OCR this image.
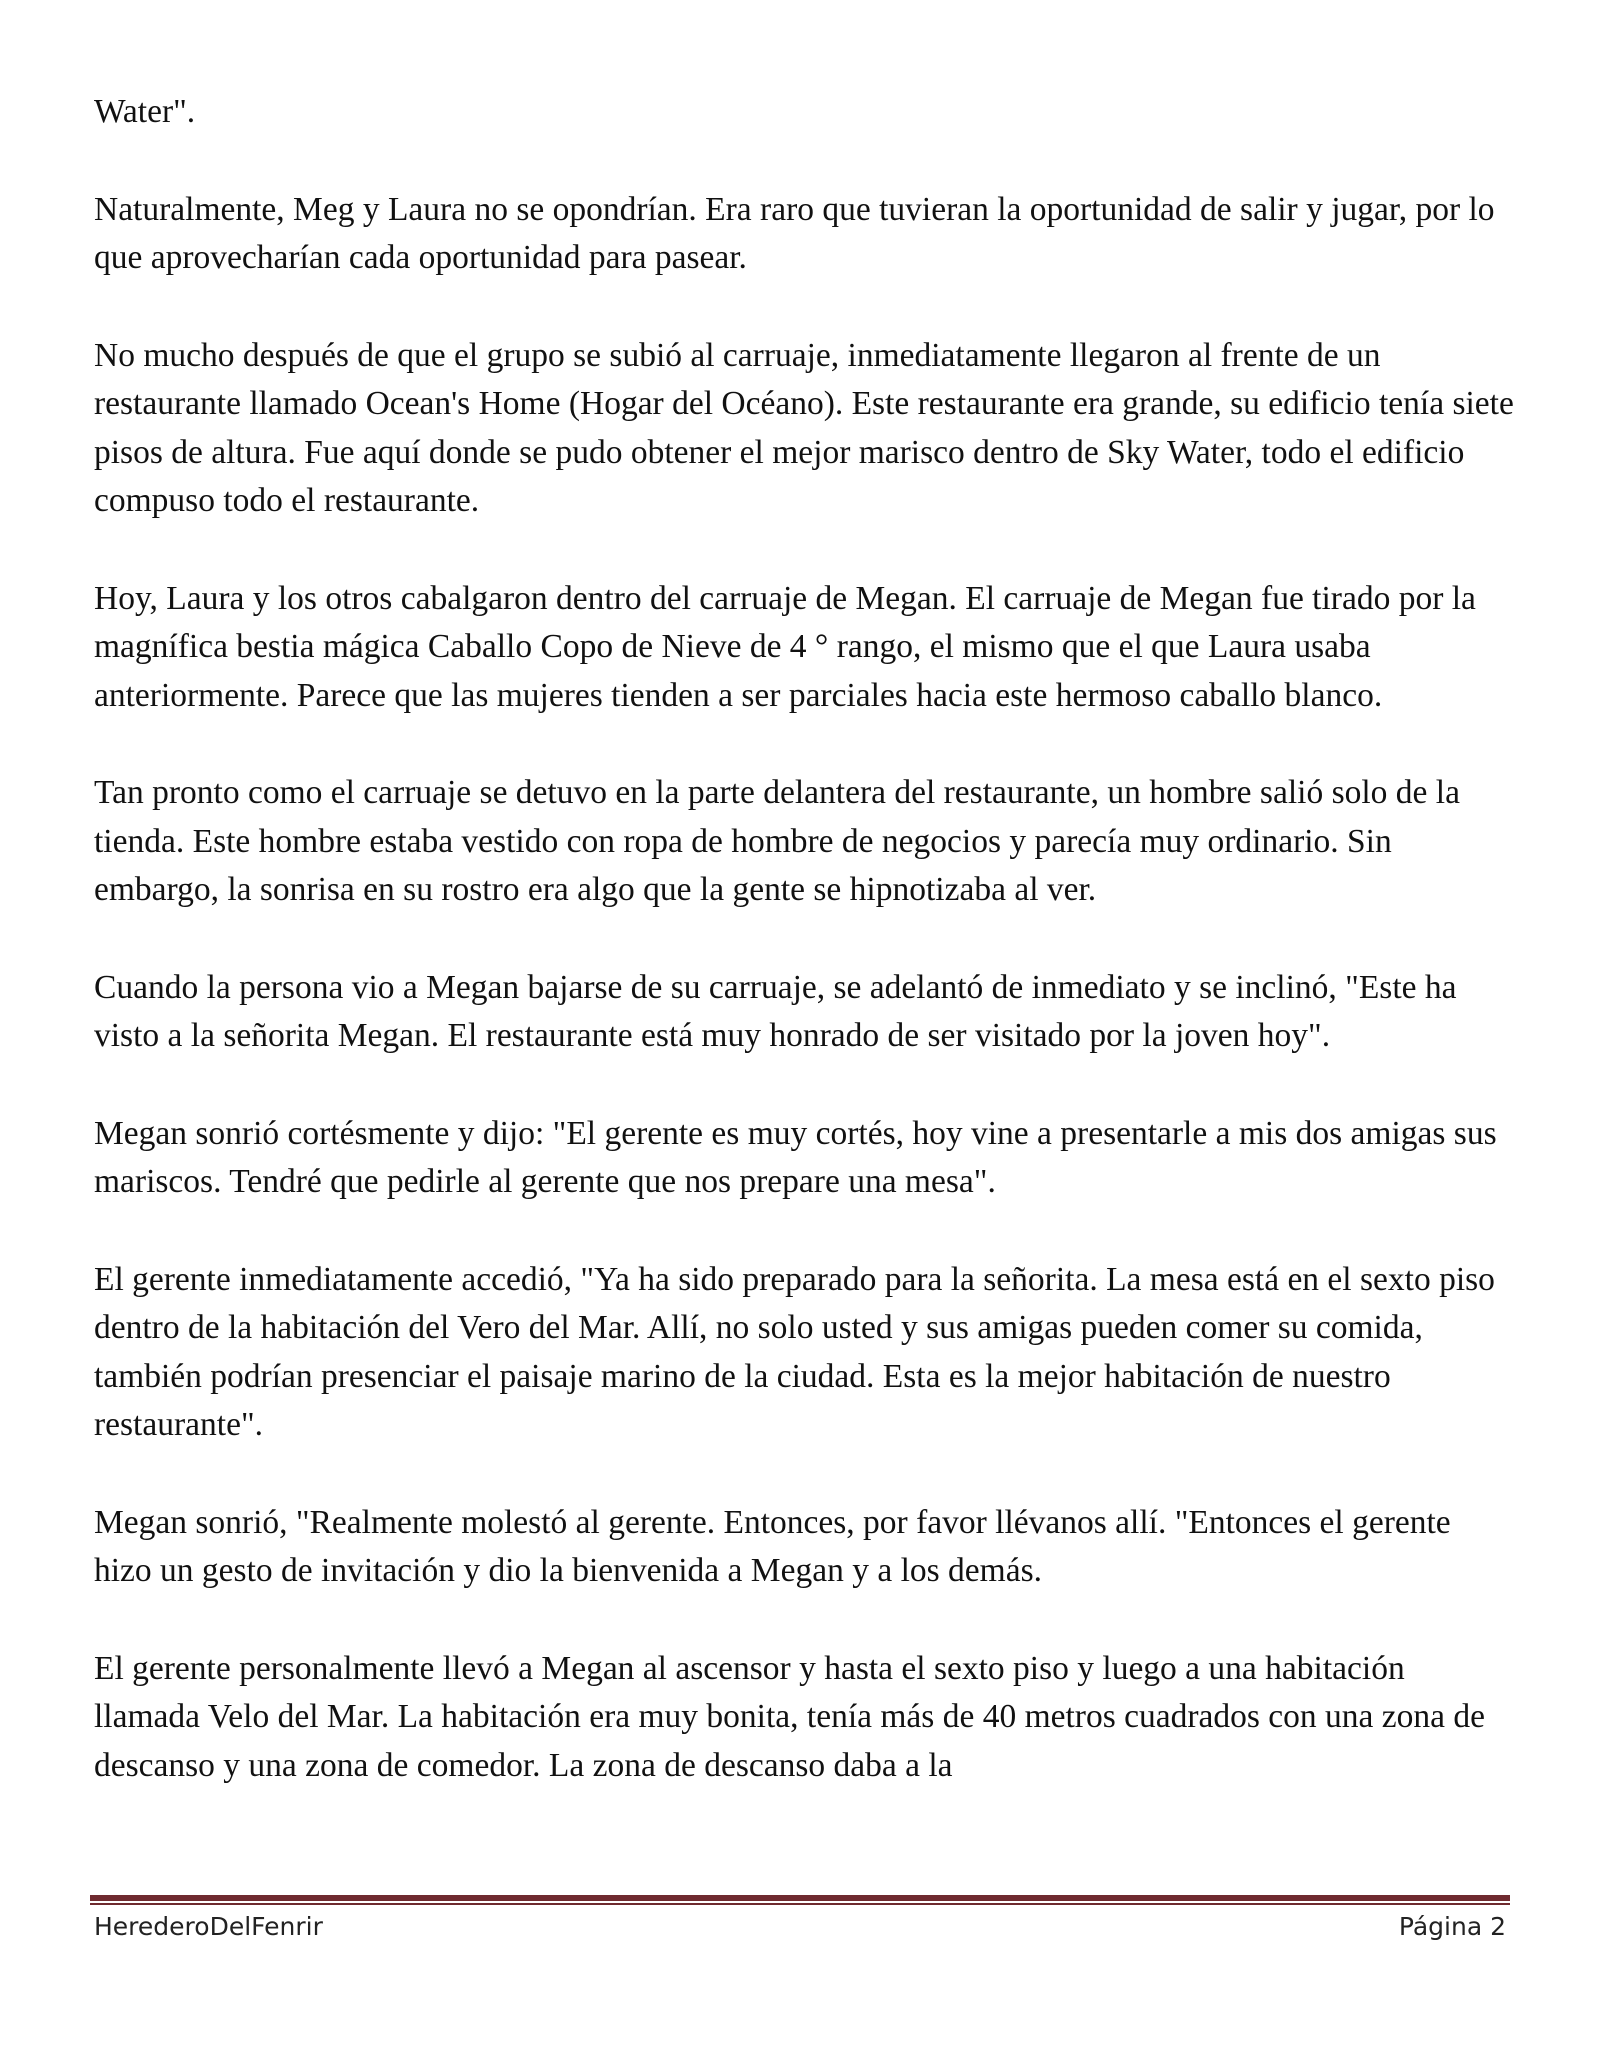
Water".

Naturalmente, Meg y Laura no se opondrían. Era raro que tuvieran la oportunidad de salir y jugar, por lo que aprovecharían cada oportunidad para pasear.

No mucho después de que el grupo se subió al carruaje, inmediatamente llegaron al frente de un restaurante llamado Ocean's Home (Hogar del Océano). Este restaurante era grande, su edificio tenía siete pisos de altura. Fue aquí donde se pudo obtener el mejor marisco dentro de Sky Water, todo el edificio compuso todo el restaurante.

Hoy, Laura y los otros cabalgaron dentro del carruaje de Megan. El carruaje de Megan fue tirado por la magnífica bestia mágica Caballo Copo de Nieve de 4 ° rango, el mismo que el que Laura usaba anteriormente. Parece que las mujeres tienden a ser parciales hacia este hermoso caballo blanco.

Tan pronto como el carruaje se detuvo en la parte delantera del restaurante, un hombre salió solo de la tienda. Este hombre estaba vestido con ropa de hombre de negocios y parecía muy ordinario. Sin embargo, la sonrisa en su rostro era algo que la gente se hipnotizaba al ver.

Cuando la persona vio a Megan bajarse de su carruaje, se adelantó de inmediato y se inclinó, "Este ha visto a la señorita Megan. El restaurante está muy honrado de ser visitado por la joven hoy".

Megan sonrió cortésmente y dijo: "El gerente es muy cortés, hoy vine a presentarle a mis dos amigas sus mariscos. Tendré que pedirle al gerente que nos prepare una mesa".

El gerente inmediatamente accedió, "Ya ha sido preparado para la señorita. La mesa está en el sexto piso dentro de la habitación del Vero del Mar. Allí, no solo usted y sus amigas pueden comer su comida, también podrían presenciar el paisaje marino de la ciudad. Esta es la mejor habitación de nuestro restaurante".

Megan sonrió, "Realmente molestó al gerente. Entonces, por favor llévanos allí. "Entonces el gerente hizo un gesto de invitación y dio la bienvenida a Megan y a los demás.

El gerente personalmente llevó a Megan al ascensor y hasta el sexto piso y luego a una habitación llamada Velo del Mar. La habitación era muy bonita, tenía más de 40 metros cuadrados con una zona de descanso y una zona de comedor. La zona de descanso daba a la

HerederoDelFenrir	Página 2
